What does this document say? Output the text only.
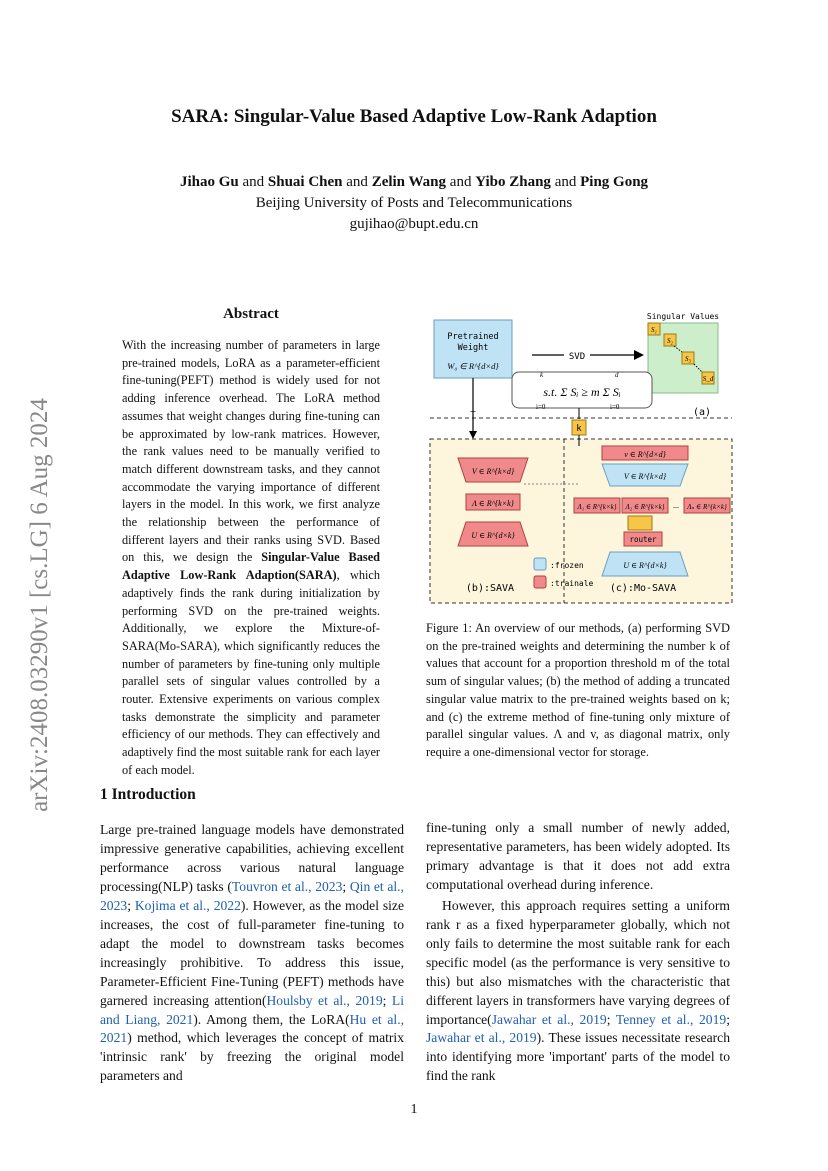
SARA: Singular-Value Based Adaptive Low-Rank Adaption
Jihao Gu and Shuai Chen and Zelin Wang and Yibo Zhang and Ping Gong
Beijing University of Posts and Telecommunications
gujihao@bupt.edu.cn
arXiv:2408.03290v1 [cs.LG] 6 Aug 2024
Abstract
With the increasing number of parameters in large pre-trained models, LoRA as a parameter-efficient fine-tuning(PEFT) method is widely used for not adding inference overhead. The LoRA method assumes that weight changes during fine-tuning can be approximated by low-rank matrices. However, the rank values need to be manually verified to match different downstream tasks, and they cannot accommodate the varying importance of different layers in the model. In this work, we first analyze the relationship between the performance of different layers and their ranks using SVD. Based on this, we design the Singular-Value Based Adaptive Low-Rank Adaption(SARA), which adaptively finds the rank during initialization by performing SVD on the pre-trained weights. Additionally, we explore the Mixture-of-SARA(Mo-SARA), which significantly reduces the number of parameters by fine-tuning only multiple parallel sets of singular values controlled by a router. Extensive experiments on various complex tasks demonstrate the simplicity and parameter efficiency of our methods. They can effectively and adaptively find the most suitable rank for each layer of each model.
1 Introduction

Large pre-trained language models have demonstrated impressive generative capabilities, achieving excellent performance across various natural language processing(NLP) tasks (Touvron et al., 2023; Qin et al., 2023; Kojima et al., 2022). However, as the model size increases, the cost of full-parameter fine-tuning to adapt the model to downstream tasks becomes increasingly prohibitive. To address this issue, Parameter-Efficient Fine-Tuning (PEFT) methods have garnered increasing attention(Houlsby et al., 2019; Li and Liang, 2021). Among them, the LoRA(Hu et al., 2021) method, which leverages the concept of matrix 'intrinsic rank' by freezing the original model parameters and

Pretrained
Weight
W₀ ∈ R^{d×d}
SVD
Singular Values
S₁
S₂
S₃
S_d
s.t. Σ Sᵢ ≥ m Σ Sᵢ
k
i=0
d
i=0	(a)
+
k
V ∈ R^{k×d}
Λ ∈ R^{k×k}
U ∈ R^{d×k}
(b):SAVA
:frozen
:trainale
v ∈ R^{d×d}
V ∈ R^{k×d}
Λ₁ ∈ R^{k×k} Λ₂ ∈ R^{k×k} ... Λₙ ∈ R^{k×k}
router
U ∈ R^{d×k}
(c):Mo-SAVA
Figure 1: An overview of our methods, (a) performing SVD on the pre-trained weights and determining the number k of values that account for a proportion threshold m of the total sum of singular values; (b) the method of adding a truncated singular value matrix to the pre-trained weights based on k; and (c) the extreme method of fine-tuning only mixture of parallel singular values. Λ and v, as diagonal matrix, only require a one-dimensional vector for storage.

fine-tuning only a small number of newly added, representative parameters, has been widely adopted. Its primary advantage is that it does not add extra computational overhead during inference.

However, this approach requires setting a uniform rank r as a fixed hyperparameter globally, which not only fails to determine the most suitable rank for each specific model (as the performance is very sensitive to this) but also mismatches with the characteristic that different layers in transformers have varying degrees of importance(Jawahar et al., 2019; Tenney et al., 2019; Jawahar et al., 2019). These issues necessitate research into identifying more 'important' parts of the model to find the rank

1
